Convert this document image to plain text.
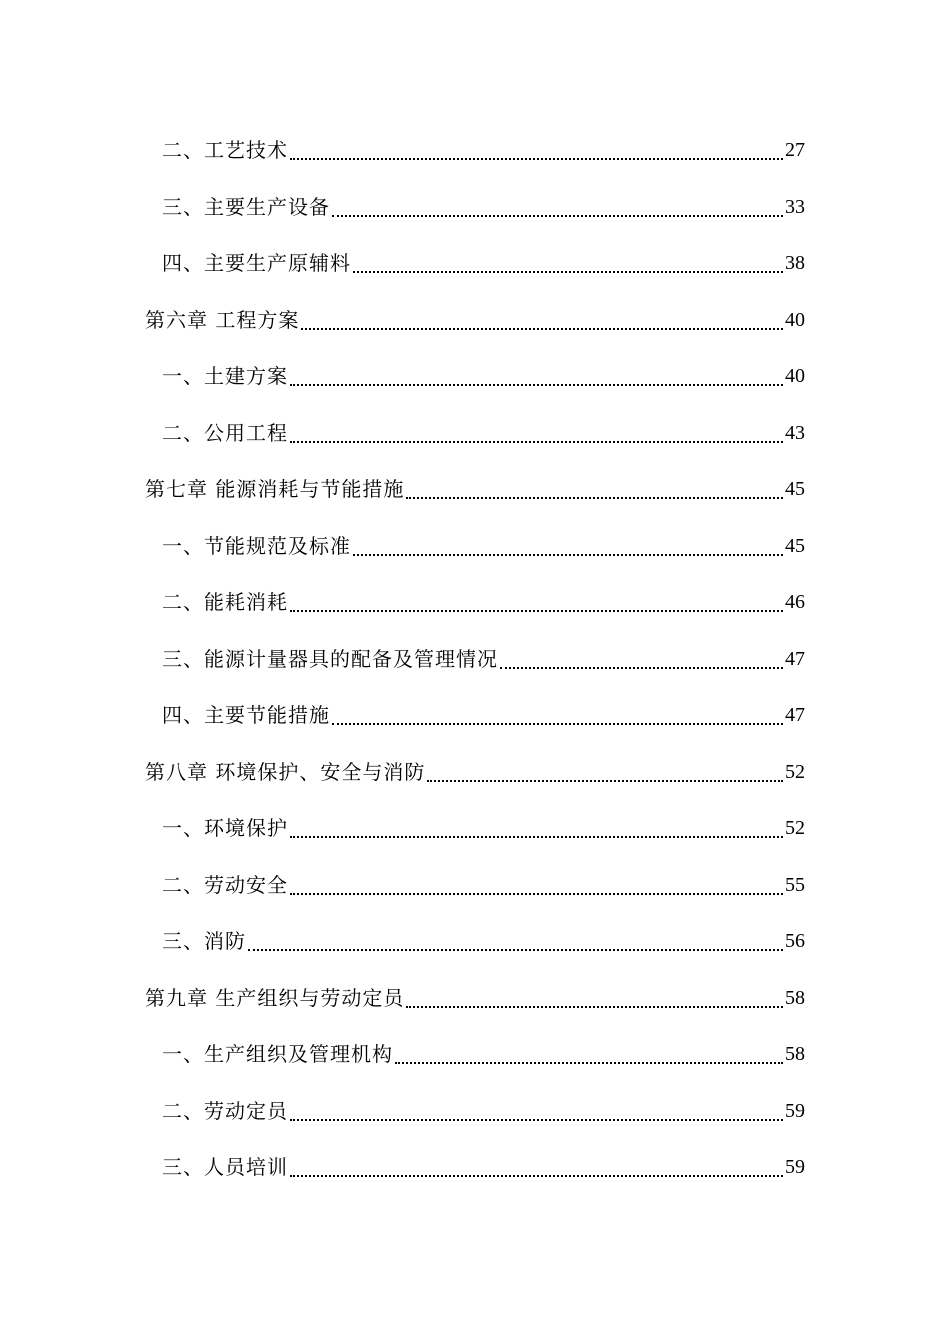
二、工艺技术	27
三、主要生产设备	33
四、主要生产原辅料	38
第六章 工程方案	40
一、土建方案	40
二、公用工程	43
第七章 能源消耗与节能措施	45
一、节能规范及标准	45
二、能耗消耗	46
三、能源计量器具的配备及管理情况	47
四、主要节能措施	47
第八章 环境保护、安全与消防	52
一、环境保护	52
二、劳动安全	55
三、消防	56
第九章 生产组织与劳动定员	58
一、生产组织及管理机构	58
二、劳动定员	59
三、人员培训	59
